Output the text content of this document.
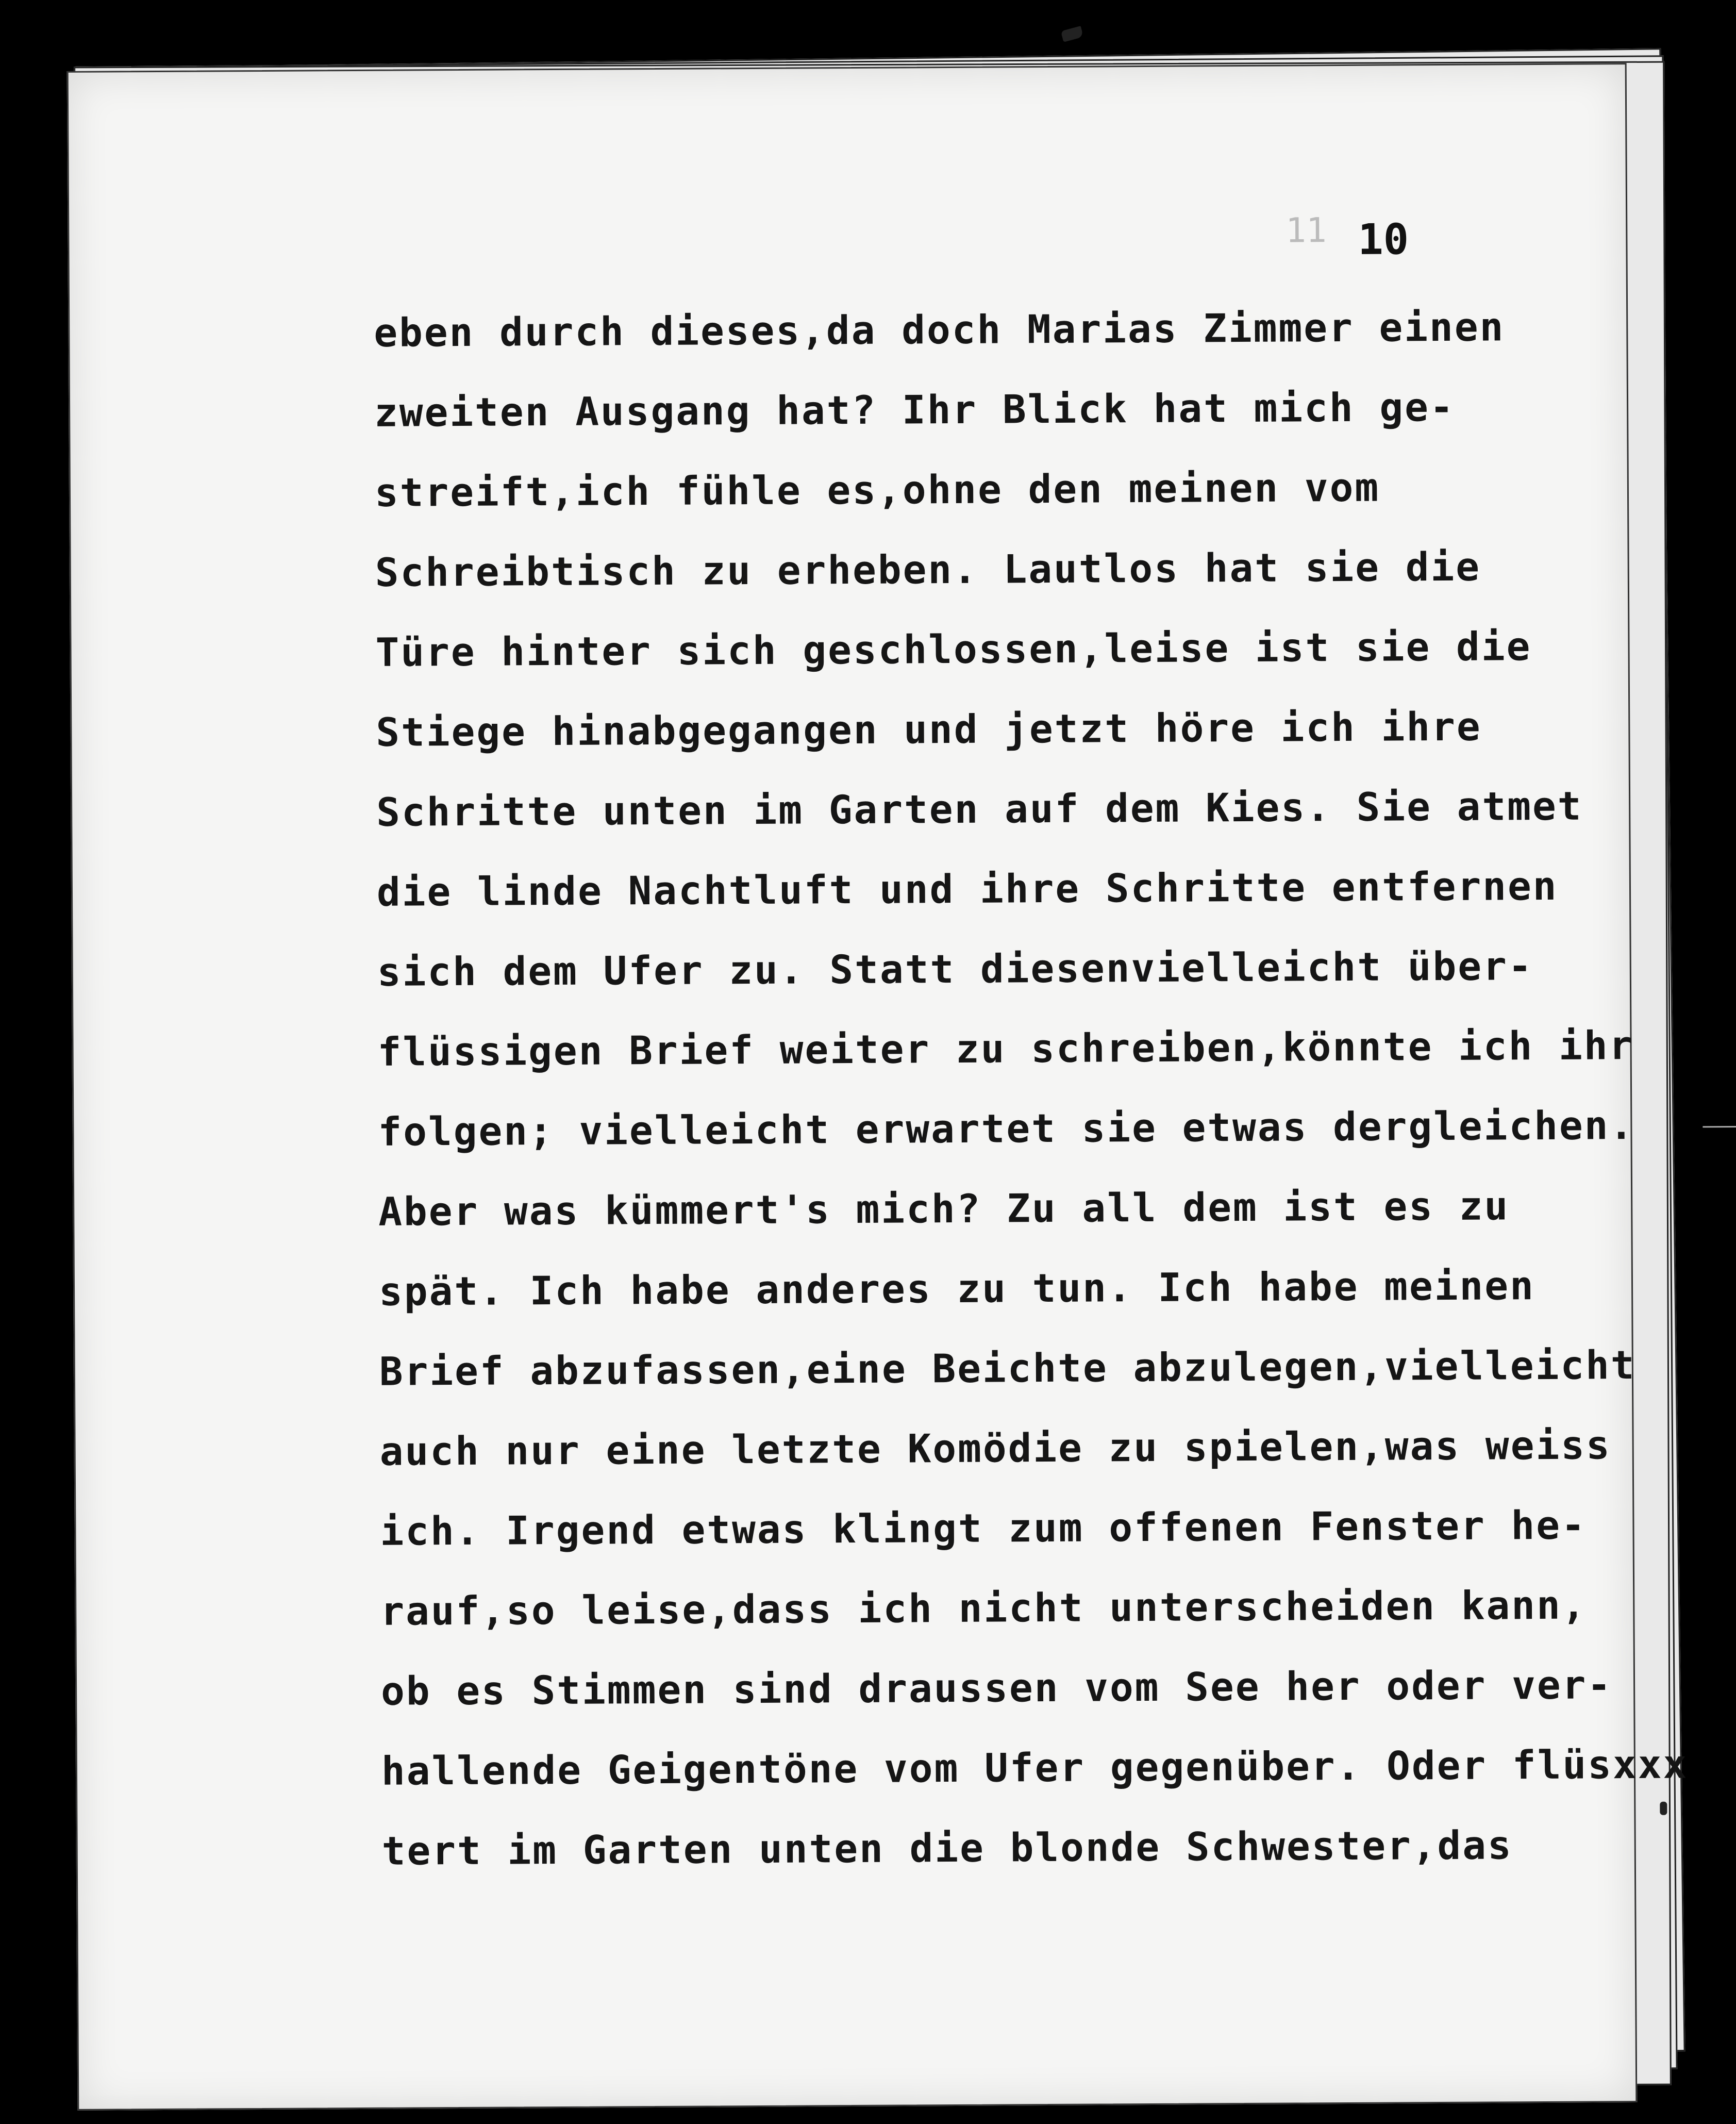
11 10
eben durch dieses,da doch Marias Zimmer einen
zweiten Ausgang hat? Ihr Blick hat mich ge-
streift,ich fühle es,ohne den meinen vom
Schreibtisch zu erheben. Lautlos hat sie die
Türe hinter sich geschlossen,leise ist sie die
Stiege hinabgegangen und jetzt höre ich ihre
Schritte unten im Garten auf dem Kies. Sie atmet
die linde Nachtluft und ihre Schritte entfernen
sich dem Ufer zu. Statt diesenvielleicht über-
flüssigen Brief weiter zu schreiben,könnte ich ihr
folgen; vielleicht erwartet sie etwas dergleichen.
Aber was kümmert's mich? Zu all dem ist es zu
spät. Ich habe anderes zu tun. Ich habe meinen
Brief abzufassen,eine Beichte abzulegen,vielleicht
auch nur eine letzte Komödie zu spielen,was weiss
ich. Irgend etwas klingt zum offenen Fenster he-
rauf,so leise,dass ich nicht unterscheiden kann,
ob es Stimmen sind draussen vom See her oder ver-
hallende Geigentöne vom Ufer gegenüber. Oder flüsxxx
tert im Garten unten die blonde Schwester,das
